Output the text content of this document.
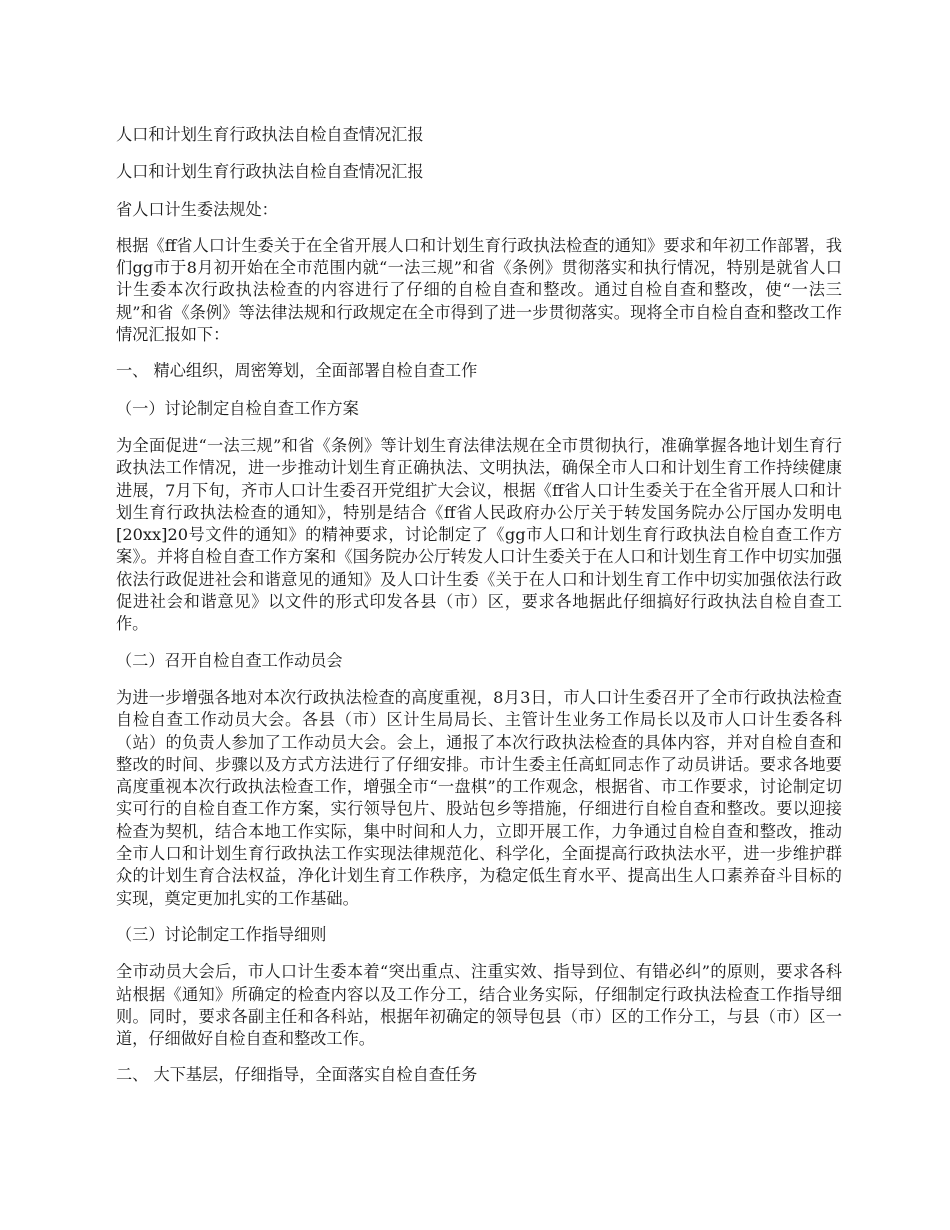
人口和计划生育行政执法自检自查情况汇报

人口和计划生育行政执法自检自查情况汇报

省人口计生委法规处：

根据《ff省人口计生委关于在全省开展人口和计划生育行政执法检查的通知》要求和年初工作部署，我们gg市于8月初开始在全市范围内就“一法三规”和省《条例》贯彻落实和执行情况，特别是就省人口计生委本次行政执法检查的内容进行了仔细的自检自查和整改。通过自检自查和整改，使“一法三规”和省《条例》等法律法规和行政规定在全市得到了进一步贯彻落实。现将全市自检自查和整改工作情况汇报如下：

一、 精心组织，周密筹划，全面部署自检自查工作

（一）讨论制定自检自查工作方案

为全面促进“一法三规”和省《条例》等计划生育法律法规在全市贯彻执行，准确掌握各地计划生育行政执法工作情况，进一步推动计划生育正确执法、文明执法，确保全市人口和计划生育工作持续健康进展，7月下旬，齐市人口计生委召开党组扩大会议，根据《ff省人口计生委关于在全省开展人口和计划生育行政执法检查的通知》，特别是结合《ff省人民政府办公厅关于转发国务院办公厅国办发明电[20xx]20号文件的通知》的精神要求，讨论制定了《gg市人口和计划生育行政执法自检自查工作方案》。并将自检自查工作方案和《国务院办公厅转发人口计生委关于在人口和计划生育工作中切实加强依法行政促进社会和谐意见的通知》及人口计生委《关于在人口和计划生育工作中切实加强依法行政促进社会和谐意见》以文件的形式印发各县（市）区，要求各地据此仔细搞好行政执法自检自查工作。

（二）召开自检自查工作动员会

为进一步增强各地对本次行政执法检查的高度重视，8月3日，市人口计生委召开了全市行政执法检查自检自查工作动员大会。各县（市）区计生局局长、主管计生业务工作局长以及市人口计生委各科（站）的负责人参加了工作动员大会。会上，通报了本次行政执法检查的具体内容，并对自检自查和整改的时间、步骤以及方式方法进行了仔细安排。市计生委主任高虹同志作了动员讲话。要求各地要高度重视本次行政执法检查工作，增强全市“一盘棋”的工作观念，根据省、市工作要求，讨论制定切实可行的自检自查工作方案，实行领导包片、股站包乡等措施，仔细进行自检自查和整改。要以迎接检查为契机，结合本地工作实际，集中时间和人力，立即开展工作，力争通过自检自查和整改，推动全市人口和计划生育行政执法工作实现法律规范化、科学化，全面提高行政执法水平，进一步维护群众的计划生育合法权益，净化计划生育工作秩序，为稳定低生育水平、提高出生人口素养奋斗目标的实现，奠定更加扎实的工作基础。

（三）讨论制定工作指导细则

全市动员大会后，市人口计生委本着“突出重点、注重实效、指导到位、有错必纠”的原则，要求各科站根据《通知》所确定的检查内容以及工作分工，结合业务实际，仔细制定行政执法检查工作指导细则。同时，要求各副主任和各科站，根据年初确定的领导包县（市）区的工作分工，与县（市）区一道，仔细做好自检自查和整改工作。

二、 大下基层，仔细指导，全面落实自检自查任务
